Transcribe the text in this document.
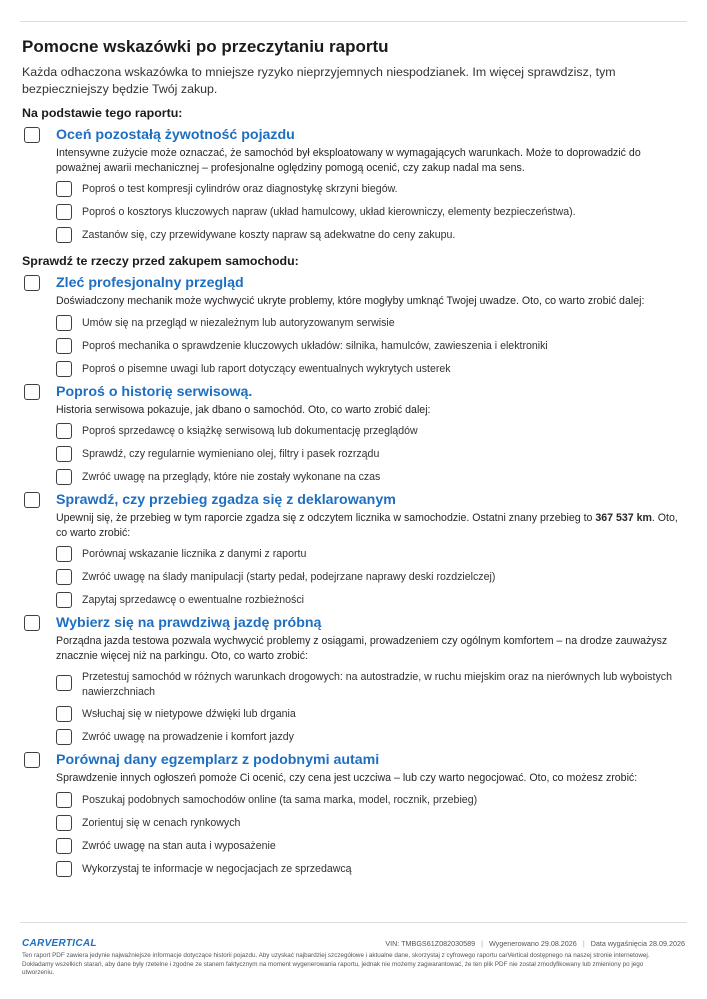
Pomocne wskazówki po przeczytaniu raportu

Każda odhaczona wskazówka to mniejsze ryzyko nieprzyjemnych niespodzianek. Im więcej sprawdzisz, tym bezpieczniejszy będzie Twój zakup.

Na podstawie tego raportu:
Oceń pozostałą żywotność pojazdu
Intensywne zużycie może oznaczać, że samochód był eksploatowany w wymagających warunkach. Może to doprowadzić do poważnej awarii mechanicznej – profesjonalne oględziny pomogą ocenić, czy zakup nadal ma sens.
Poproś o test kompresji cylindrów oraz diagnostykę skrzyni biegów.
Poproś o kosztorys kluczowych napraw (układ hamulcowy, układ kierowniczy, elementy bezpieczeństwa).
Zastanów się, czy przewidywane koszty napraw są adekwatne do ceny zakupu.
Sprawdź te rzeczy przed zakupem samochodu:
Zleć profesjonalny przegląd
Doświadczony mechanik może wychwycić ukryte problemy, które mogłyby umknąć Twojej uwadze. Oto, co warto zrobić dalej:
Umów się na przegląd w niezależnym lub autoryzowanym serwisie
Poproś mechanika o sprawdzenie kluczowych układów: silnika, hamulców, zawieszenia i elektroniki
Poproś o pisemne uwagi lub raport dotyczący ewentualnych wykrytych usterek
Poproś o historię serwisową.
Historia serwisowa pokazuje, jak dbano o samochód. Oto, co warto zrobić dalej:
Poproś sprzedawcę o książkę serwisową lub dokumentację przeglądów
Sprawdź, czy regularnie wymieniano olej, filtry i pasek rozrządu
Zwróć uwagę na przeglądy, które nie zostały wykonane na czas
Sprawdź, czy przebieg zgadza się z deklarowanym
Upewnij się, że przebieg w tym raporcie zgadza się z odczytem licznika w samochodzie. Ostatni znany przebieg to 367 537 km. Oto, co warto zrobić:
Porównaj wskazanie licznika z danymi z raportu
Zwróć uwagę na ślady manipulacji (starty pedał, podejrzane naprawy deski rozdzielczej)
Zapytaj sprzedawcę o ewentualne rozbieżności
Wybierz się na prawdziwą jazdę próbną
Porządna jazda testowa pozwala wychwycić problemy z osiągami, prowadzeniem czy ogólnym komfortem – na drodze zauważysz znacznie więcej niż na parkingu. Oto, co warto zrobić:
Przetestuj samochód w różnych warunkach drogowych: na autostradzie, w ruchu miejskim oraz na nierównych lub wyboistych nawierzchniach
Wsłuchaj się w nietypowe dźwięki lub drgania
Zwróć uwagę na prowadzenie i komfort jazdy
Porównaj dany egzemplarz z podobnymi autami
Sprawdzenie innych ogłoszeń pomoże Ci ocenić, czy cena jest uczciwa – lub czy warto negocjować. Oto, co możesz zrobić:
Poszukaj podobnych samochodów online (ta sama marka, model, rocznik, przebieg)
Zorientuj się w cenach rynkowych
Zwróć uwagę na stan auta i wyposażenie
Wykorzystaj te informacje w negocjacjach ze sprzedawcą
CARVERTICAL	VIN: TMBGS61Z082030589 | Wygenerowano 29.08.2026 | Data wygaśnięcia 28.09.2026
Ten raport PDF zawiera jedynie najważniejsze informacje dotyczące historii pojazdu. Aby uzyskać najbardziej szczegółowe i aktualne dane, skorzystaj z cyfrowego raportu carVertical dostępnego na naszej stronie internetowej. Dokładamy wszelkich starań, aby dane były rzetelne i zgodne ze stanem faktycznym na moment wygenerowania raportu, jednak nie możemy zagwarantować, że ten plik PDF nie został zmodyfikowany lub zmieniony po jego utworzeniu.
